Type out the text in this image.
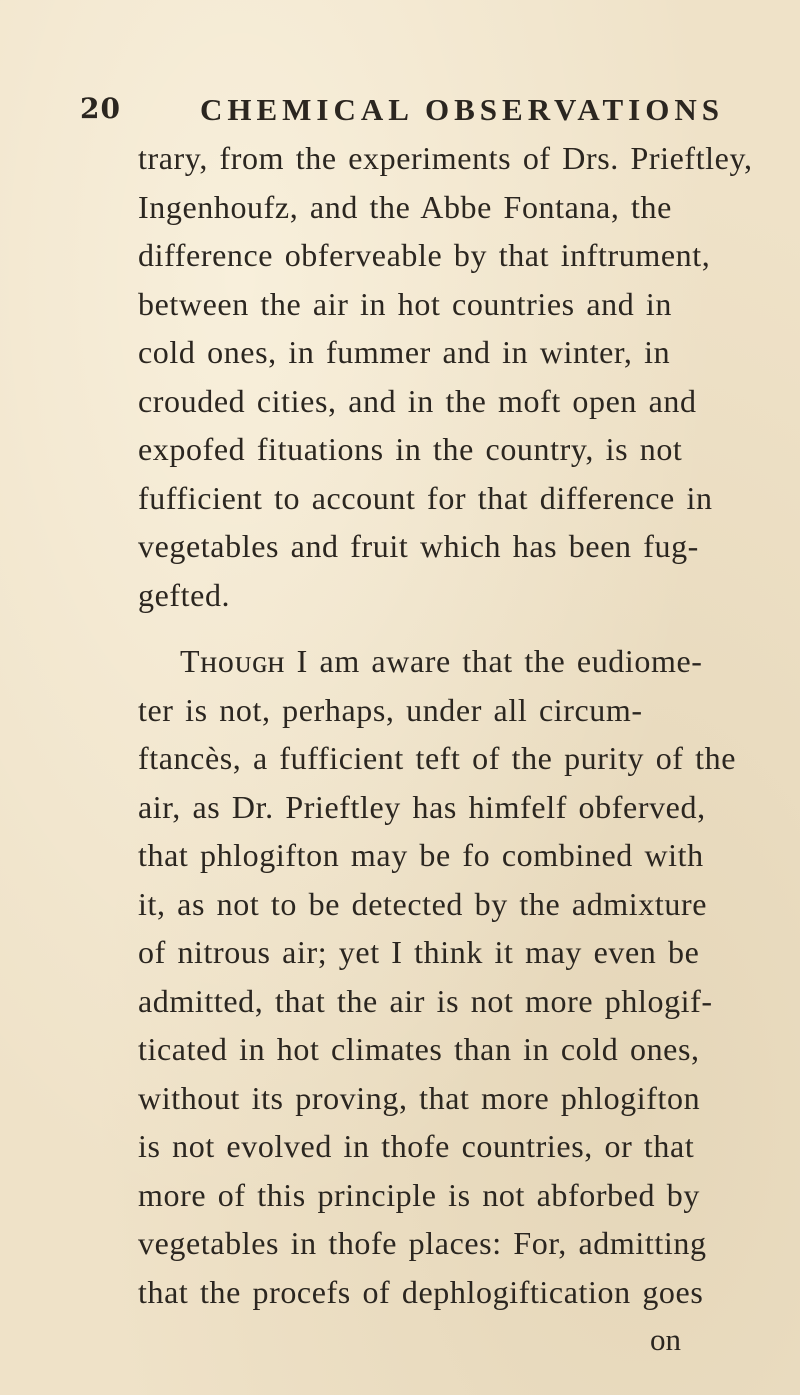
20	CHEMICAL OBSERVATIONS
trary, from the experiments of Drs. Prieftley,
Ingenhoufz, and the Abbe Fontana, the
difference obferveable by that inftrument,
between the air in hot countries and in
cold ones, in fummer and in winter, in
crouded cities, and in the moft open and
expofed fituations in the country, is not
fufficient to account for that difference in
vegetables and fruit which has been fug-
gefted.
Tʜᴏᴜɢʜ I am aware that the eudiome-
ter is not, perhaps, under all circum-
ftancès, a fufficient teft of the purity of the
air, as Dr. Prieftley has himfelf obferved,
that phlogifton may be fo combined with
it, as not to be detected by the admixture
of nitrous air; yet I think it may even be
admitted, that the air is not more phlogif-
ticated in hot climates than in cold ones,
without its proving, that more phlogifton
is not evolved in thofe countries, or that
more of this principle is not abforbed by
vegetables in thofe places: For, admitting
that the procefs of dephlogiftication goes
on
